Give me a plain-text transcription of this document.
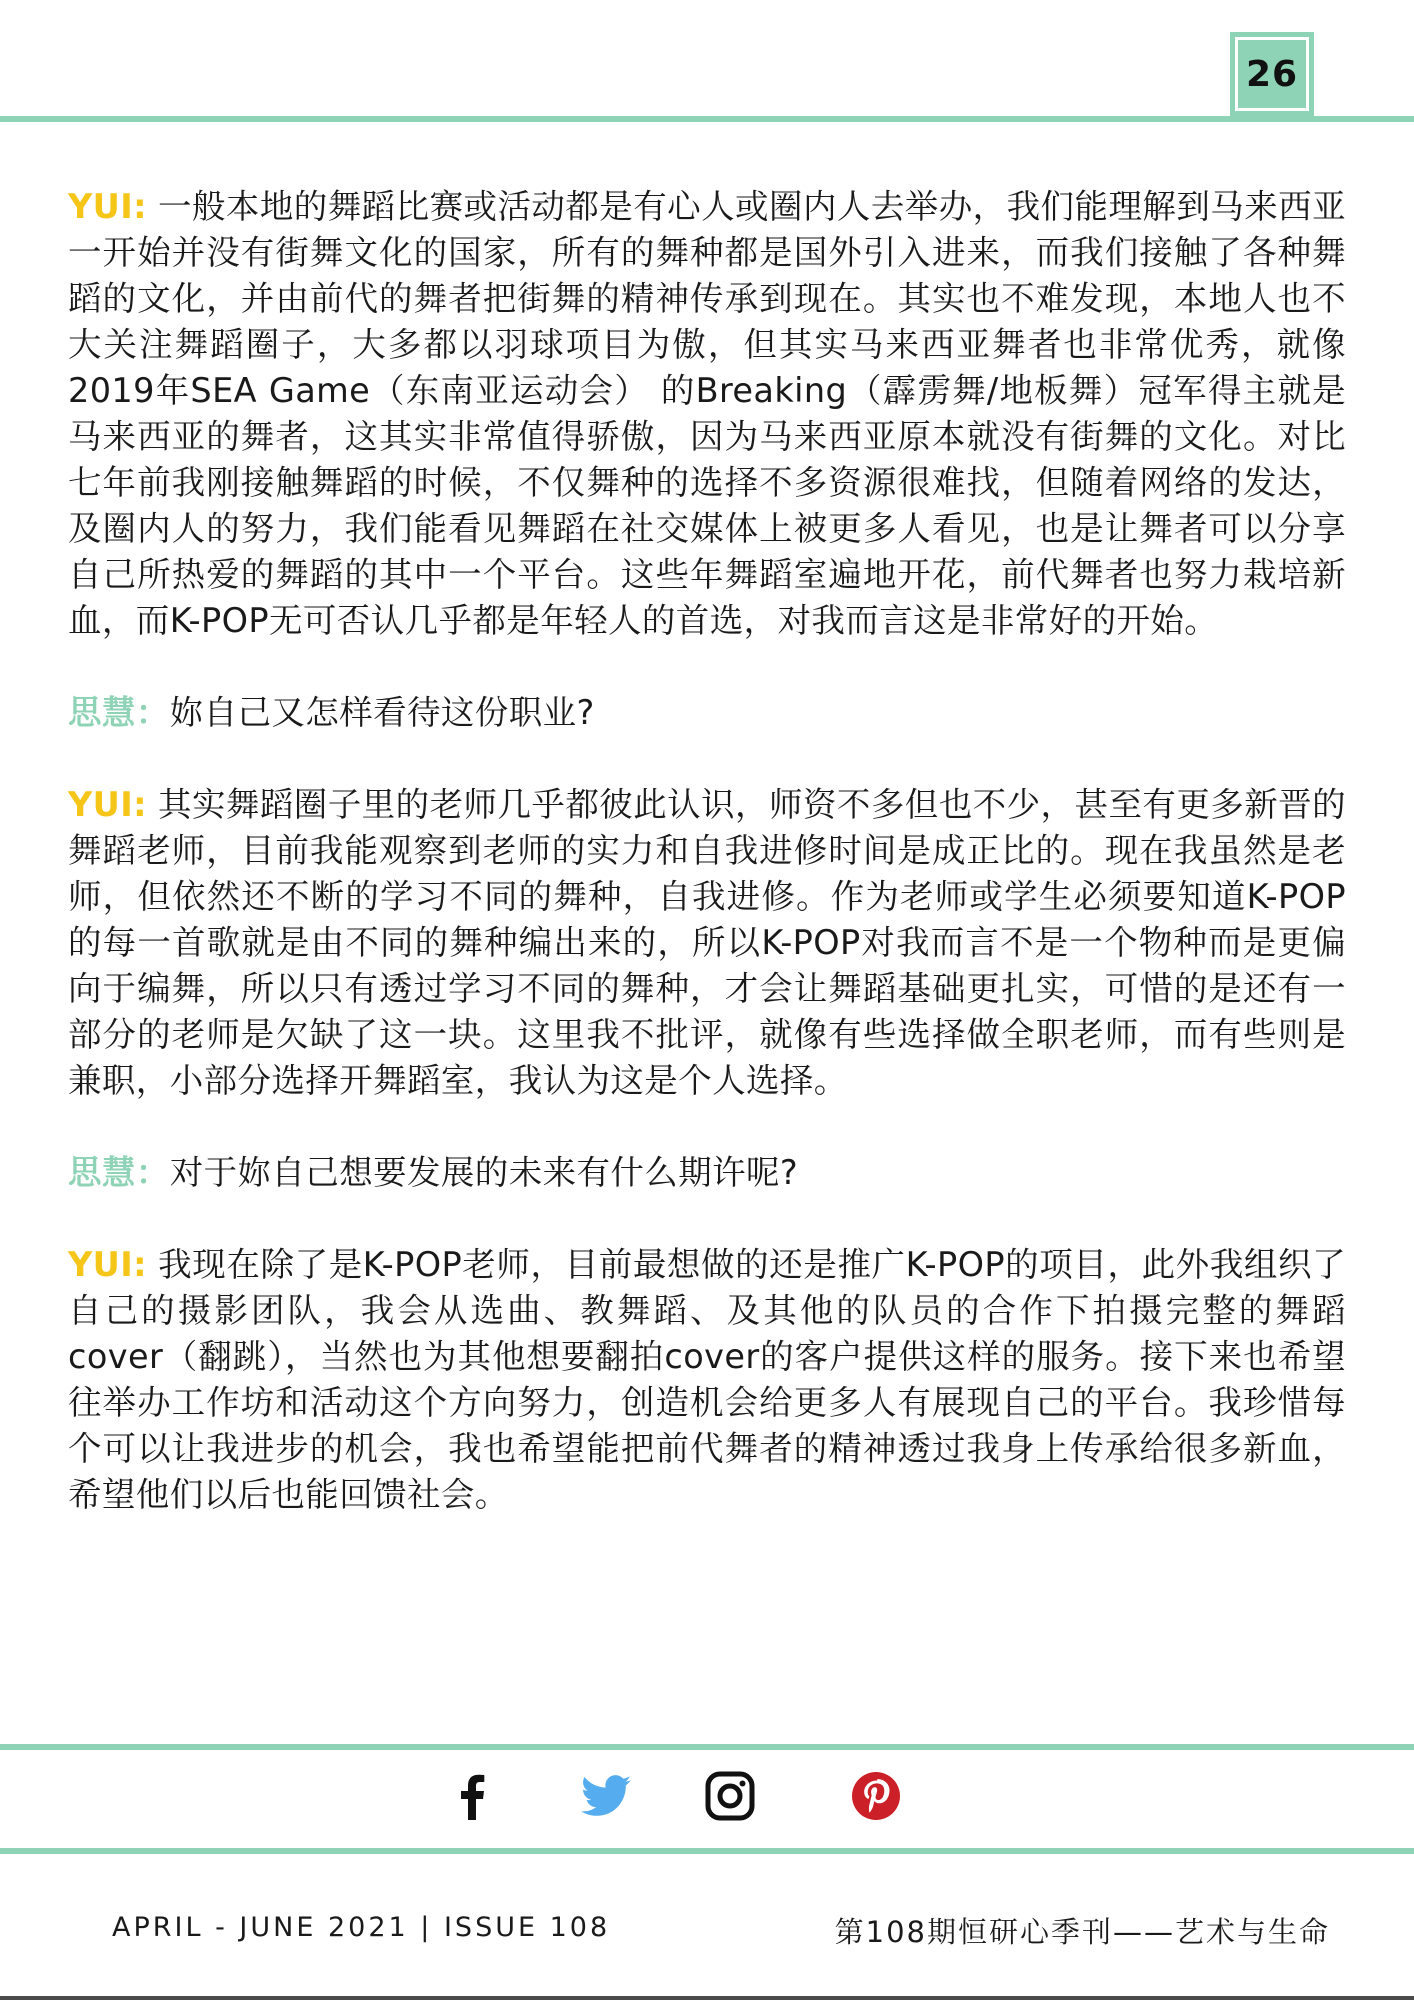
26

YUI: 一般本地的舞蹈比赛或活动都是有心人或圈内人去举办，我们能理解到马来西亚一开始并没有街舞文化的国家，所有的舞种都是国外引入进来，而我们接触了各种舞蹈的文化，并由前代的舞者把街舞的精神传承到现在。其实也不难发现，本地人也不大关注舞蹈圈子，大多都以羽球项目为傲，但其实马来西亚舞者也非常优秀，就像2019年SEA Game（东南亚运动会） 的Breaking（霹雳舞/地板舞）冠军得主就是马来西亚的舞者，这其实非常值得骄傲，因为马来西亚原本就没有街舞的文化。对比七年前我刚接触舞蹈的时候，不仅舞种的选择不多资源很难找，但随着网络的发达，及圈内人的努力，我们能看见舞蹈在社交媒体上被更多人看见，也是让舞者可以分享自己所热爱的舞蹈的其中一个平台。这些年舞蹈室遍地开花，前代舞者也努力栽培新血，而K-POP无可否认几乎都是年轻人的首选，对我而言这是非常好的开始。

思慧：妳自己又怎样看待这份职业?

YUI: 其实舞蹈圈子里的老师几乎都彼此认识，师资不多但也不少，甚至有更多新晋的舞蹈老师，目前我能观察到老师的实力和自我进修时间是成正比的。现在我虽然是老师，但依然还不断的学习不同的舞种，自我进修。作为老师或学生必须要知道K-POP的每一首歌就是由不同的舞种编出来的，所以K-POP对我而言不是一个物种而是更偏向于编舞，所以只有透过学习不同的舞种，才会让舞蹈基础更扎实，可惜的是还有一部分的老师是欠缺了这一块。这里我不批评，就像有些选择做全职老师，而有些则是兼职，小部分选择开舞蹈室，我认为这是个人选择。

思慧：对于妳自己想要发展的未来有什么期许呢?

YUI: 我现在除了是K-POP老师，目前最想做的还是推广K-POP的项目，此外我组织了自己的摄影团队，我会从选曲、教舞蹈、及其他的队员的合作下拍摄完整的舞蹈cover（翻跳），当然也为其他想要翻拍cover的客户提供这样的服务。接下来也希望往举办工作坊和活动这个方向努力，创造机会给更多人有展现自己的平台。我珍惜每个可以让我进步的机会，我也希望能把前代舞者的精神透过我身上传承给很多新血，希望他们以后也能回馈社会。

APRIL - JUNE 2021 | ISSUE 108	第108期恒研心季刊——艺术与生命
